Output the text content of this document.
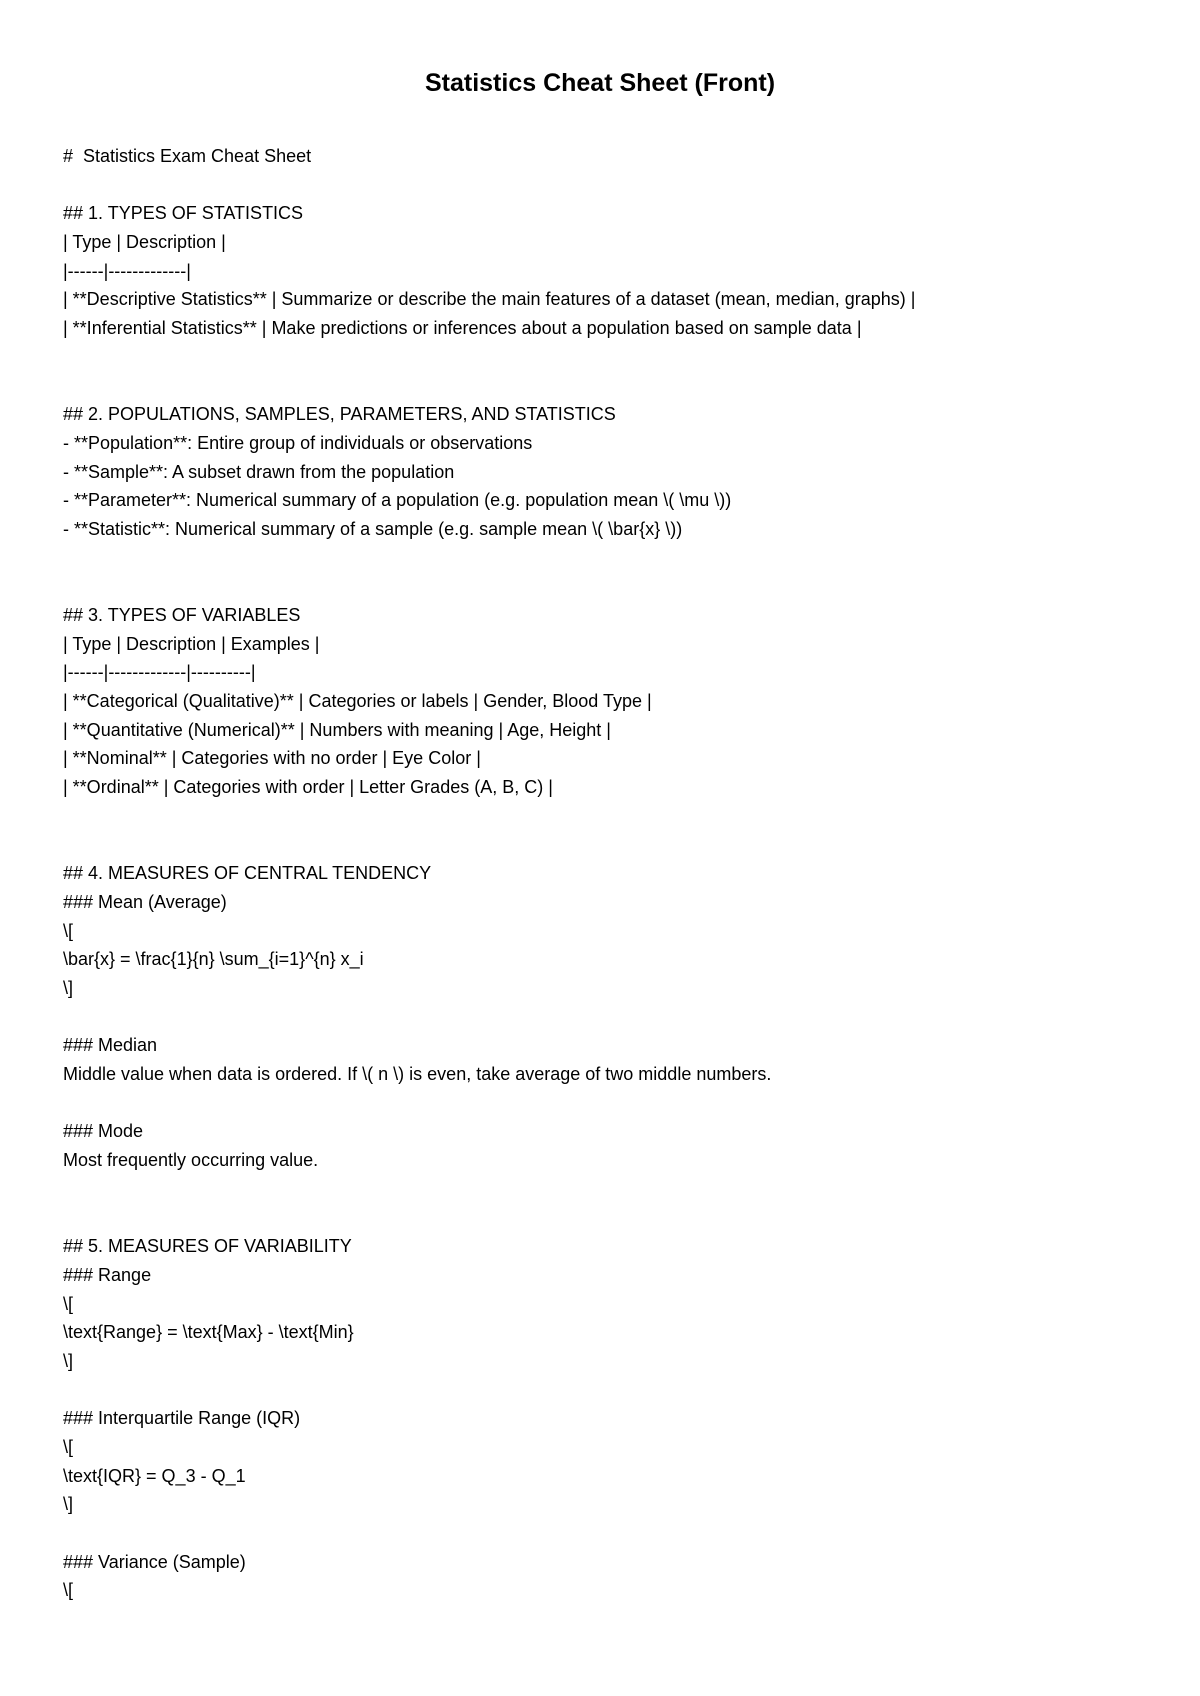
Statistics Cheat Sheet (Front)
#  Statistics Exam Cheat Sheet
## 1. TYPES OF STATISTICS
| Type | Description |
|------|-------------|
| **Descriptive Statistics** | Summarize or describe the main features of a dataset (mean, median, graphs) |
| **Inferential Statistics** | Make predictions or inferences about a population based on sample data |
## 2. POPULATIONS, SAMPLES, PARAMETERS, AND STATISTICS
- **Population**: Entire group of individuals or observations
- **Sample**: A subset drawn from the population
- **Parameter**: Numerical summary of a population (e.g. population mean \( \mu \))
- **Statistic**: Numerical summary of a sample (e.g. sample mean \( \bar{x} \))
## 3. TYPES OF VARIABLES
| Type | Description | Examples |
|------|-------------|----------|
| **Categorical (Qualitative)** | Categories or labels | Gender, Blood Type |
| **Quantitative (Numerical)** | Numbers with meaning | Age, Height |
| **Nominal** | Categories with no order | Eye Color |
| **Ordinal** | Categories with order | Letter Grades (A, B, C) |
## 4. MEASURES OF CENTRAL TENDENCY
### Mean (Average)
\[
\bar{x} = \frac{1}{n} \sum_{i=1}^{n} x_i
\]
### Median
Middle value when data is ordered. If \( n \) is even, take average of two middle numbers.
### Mode
Most frequently occurring value.
## 5. MEASURES OF VARIABILITY
### Range
\[
\text{Range} = \text{Max} - \text{Min}
\]
### Interquartile Range (IQR)
\[
\text{IQR} = Q_3 - Q_1
\]
### Variance (Sample)
\[
